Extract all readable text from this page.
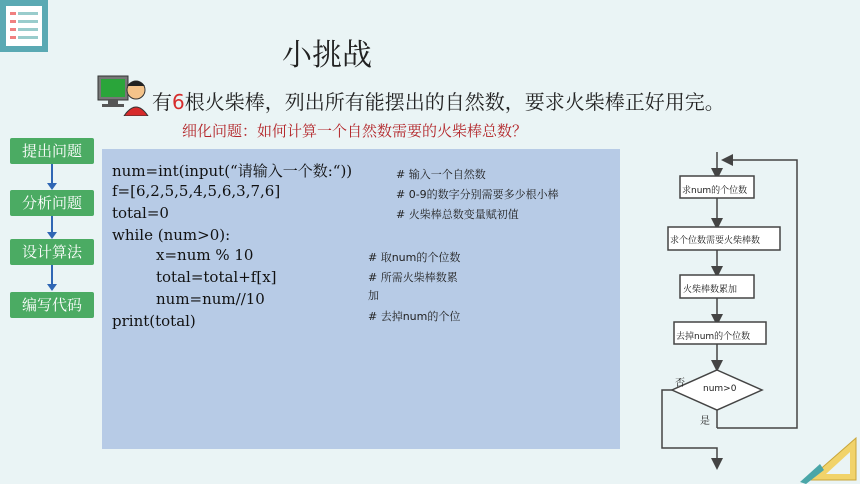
小挑战
有6根火柴棒，列出所有能摆出的自然数，要求火柴棒正好用完。
细化问题：如何计算一个自然数需要的火柴棒总数？
提出问题
分析问题
设计算法
编写代码
num=int(input(“请输入一个数:“))
f=[6,2,5,5,4,5,6,3,7,6]
total=0
while (num>0):
x=num % 10
total=total+f[x]
num=num//10
print(total)
# 输入一个自然数
# 0-9的数字分别需要多少根小棒
# 火柴棒总数变量赋初值
# 取num的个位数
# 所需火柴棒数累
加
# 去掉num的个位
求num的个位数
求个位数需要火柴棒数
火柴棒数累加
去掉num的个位数
num>0
否
是
